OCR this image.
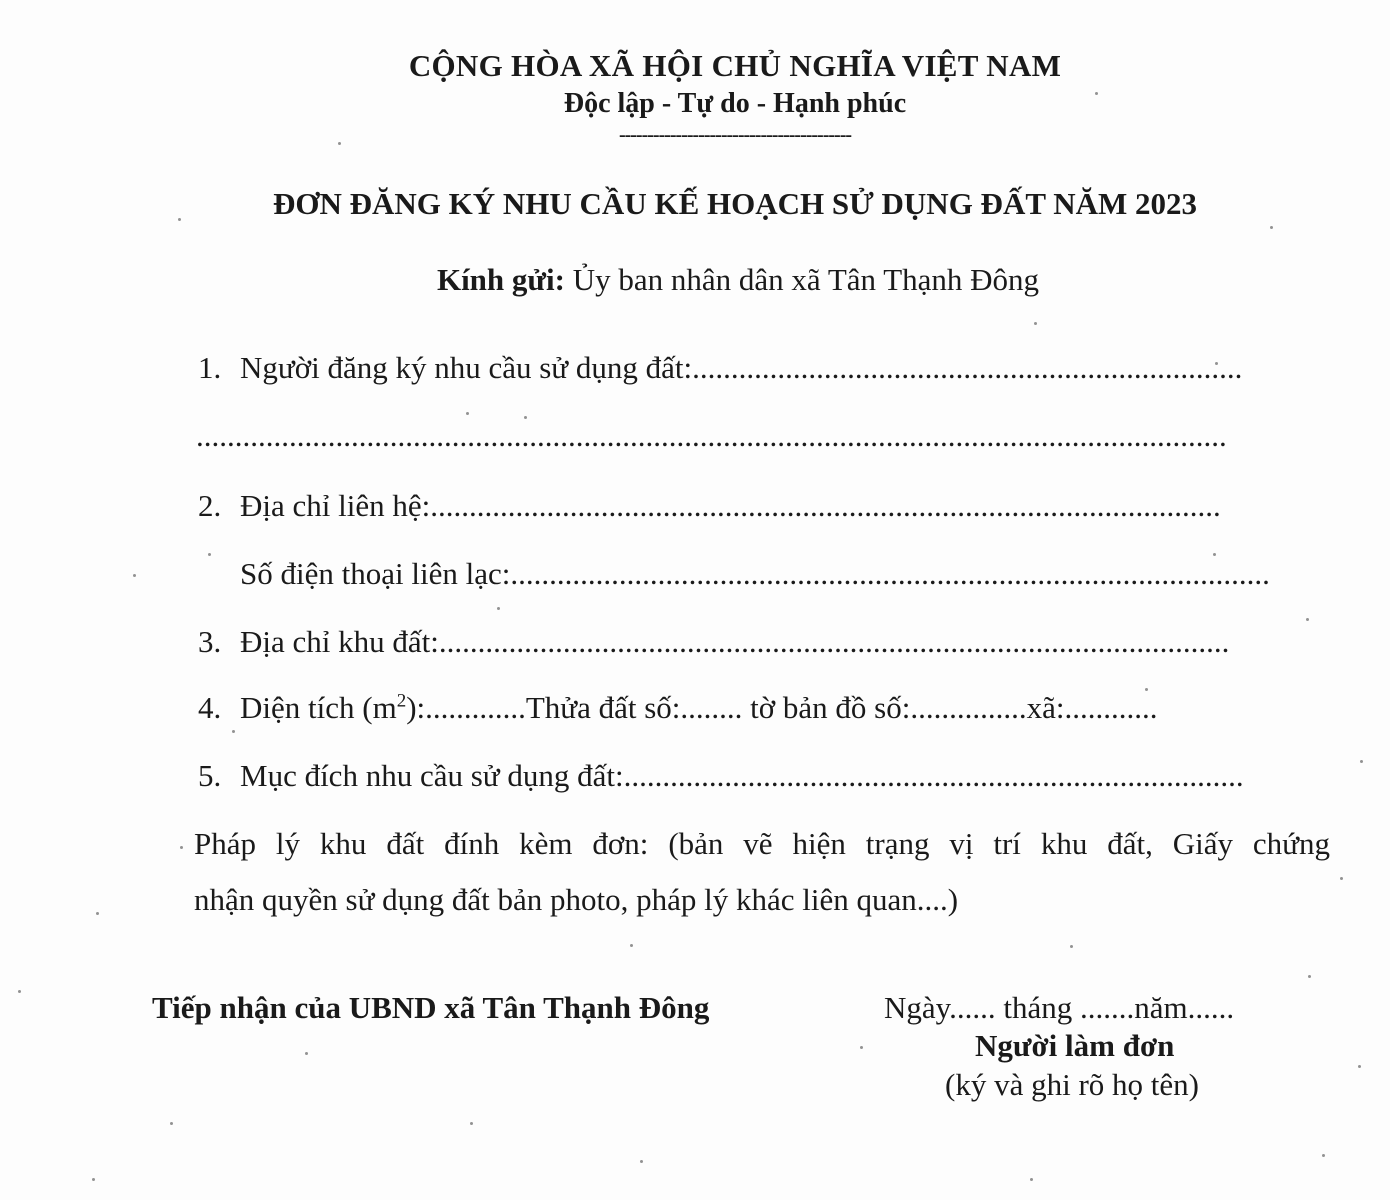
CỘNG HÒA XÃ HỘI CHỦ NGHĨA VIỆT NAM
Độc lập - Tự do - Hạnh phúc
-----------------------------------------
ĐƠN ĐĂNG KÝ NHU CẦU KẾ HOẠCH SỬ DỤNG ĐẤT NĂM 2023
Kính gửi: Ủy ban nhân dân xã Tân Thạnh Đông
1. Người đăng ký nhu cầu sử dụng đất:.......................................................................
.....................................................................................................................................
2. Địa chỉ liên hệ:......................................................................................................
Số điện thoại liên lạc:..................................................................................................
3. Địa chỉ khu đất:......................................................................................................
4. Diện tích $(m^2):.............Thửa$ đất số:........ tờ bản đồ số:...............xã:............
5. Mục đích nhu cầu sử dụng đất:................................................................................
Pháp lý khu đất đính kèm đơn: (bản vẽ hiện trạng vị trí khu đất, Giấy chứng
nhận quyền sử dụng đất bản photo, pháp lý khác liên quan....)
Tiếp nhận của UBND xã Tân Thạnh Đông	Ngày...... tháng .......năm......
Người làm đơn
(ký và ghi rõ họ tên)
